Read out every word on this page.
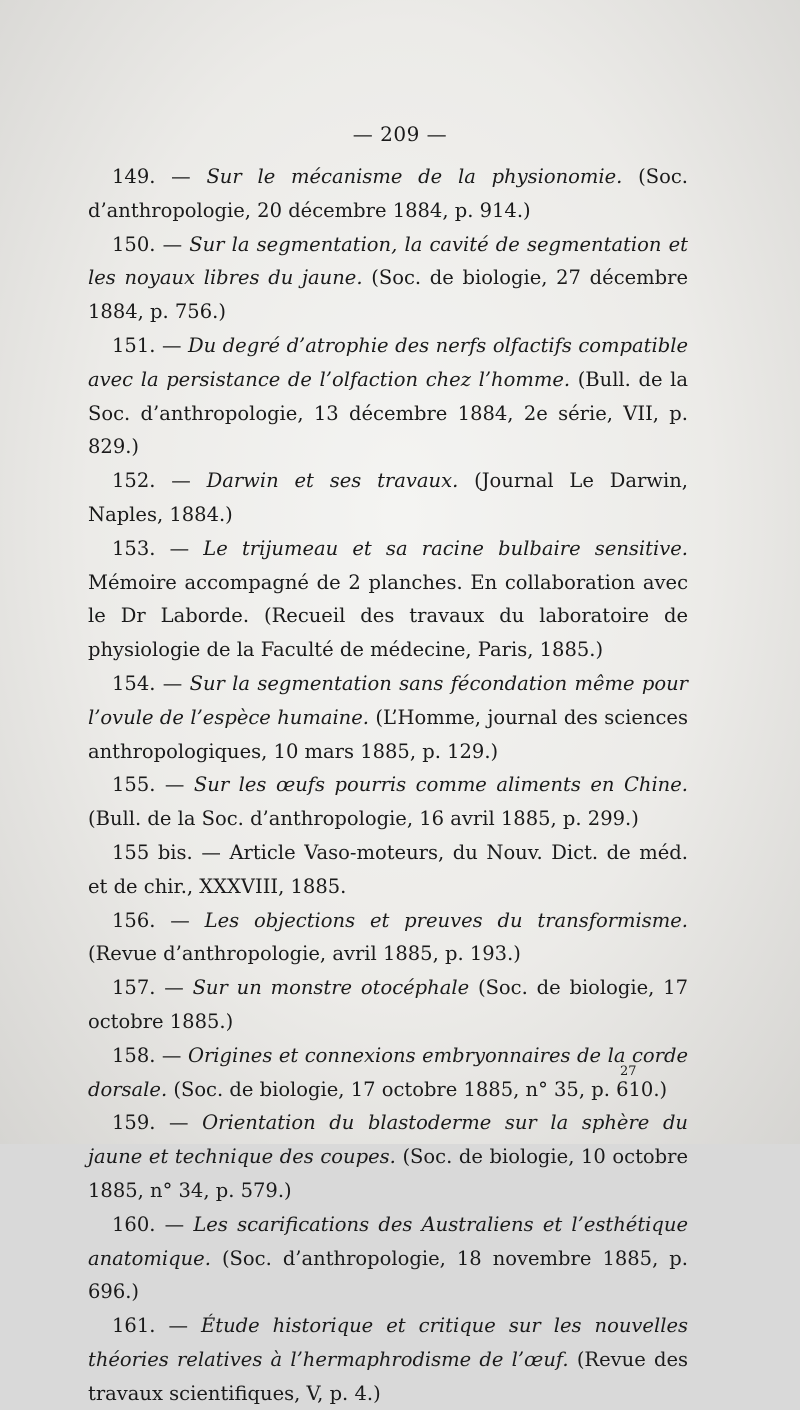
— 209 —

149. — Sur le mécanisme de la physionomie. (Soc. d’anthropologie, 20 décembre 1884, p. 914.)

150. — Sur la segmentation, la cavité de segmentation et les noyaux libres du jaune. (Soc. de biologie, 27 décembre 1884, p. 756.)

151. — Du degré d’atrophie des nerfs olfactifs compatible avec la persistance de l’olfaction chez l’homme. (Bull. de la Soc. d’anthropologie, 13 décembre 1884, 2e série, VII, p. 829.)

152. — Darwin et ses travaux. (Journal Le Darwin, Naples, 1884.)

153. — Le trijumeau et sa racine bulbaire sensitive. Mémoire accompagné de 2 planches. En collaboration avec le Dr Laborde. (Recueil des travaux du laboratoire de physiologie de la Faculté de médecine, Paris, 1885.)

154. — Sur la segmentation sans fécondation même pour l’ovule de l’espèce humaine. (L’Homme, journal des sciences anthropologiques, 10 mars 1885, p. 129.)

155. — Sur les œufs pourris comme aliments en Chine. (Bull. de la Soc. d’anthropologie, 16 avril 1885, p. 299.)

155 bis. — Article Vaso-moteurs, du Nouv. Dict. de méd. et de chir., XXXVIII, 1885.

156. — Les objections et preuves du transformisme. (Revue d’anthropologie, avril 1885, p. 193.)

157. — Sur un monstre otocéphale (Soc. de biologie, 17 octobre 1885.)

158. — Origines et connexions embryonnaires de la corde dorsale. (Soc. de biologie, 17 octobre 1885, n° 35, p. 610.)

159. — Orientation du blastoderme sur la sphère du jaune et technique des coupes. (Soc. de biologie, 10 octobre 1885, n° 34, p. 579.)

160. — Les scarifications des Australiens et l’esthétique anatomique. (Soc. d’anthropologie, 18 novembre 1885, p. 696.)

161. — Étude historique et critique sur les nouvelles théories relatives à l’hermaphrodisme de l’œuf. (Revue des travaux scientifiques, V, p. 4.)

27
